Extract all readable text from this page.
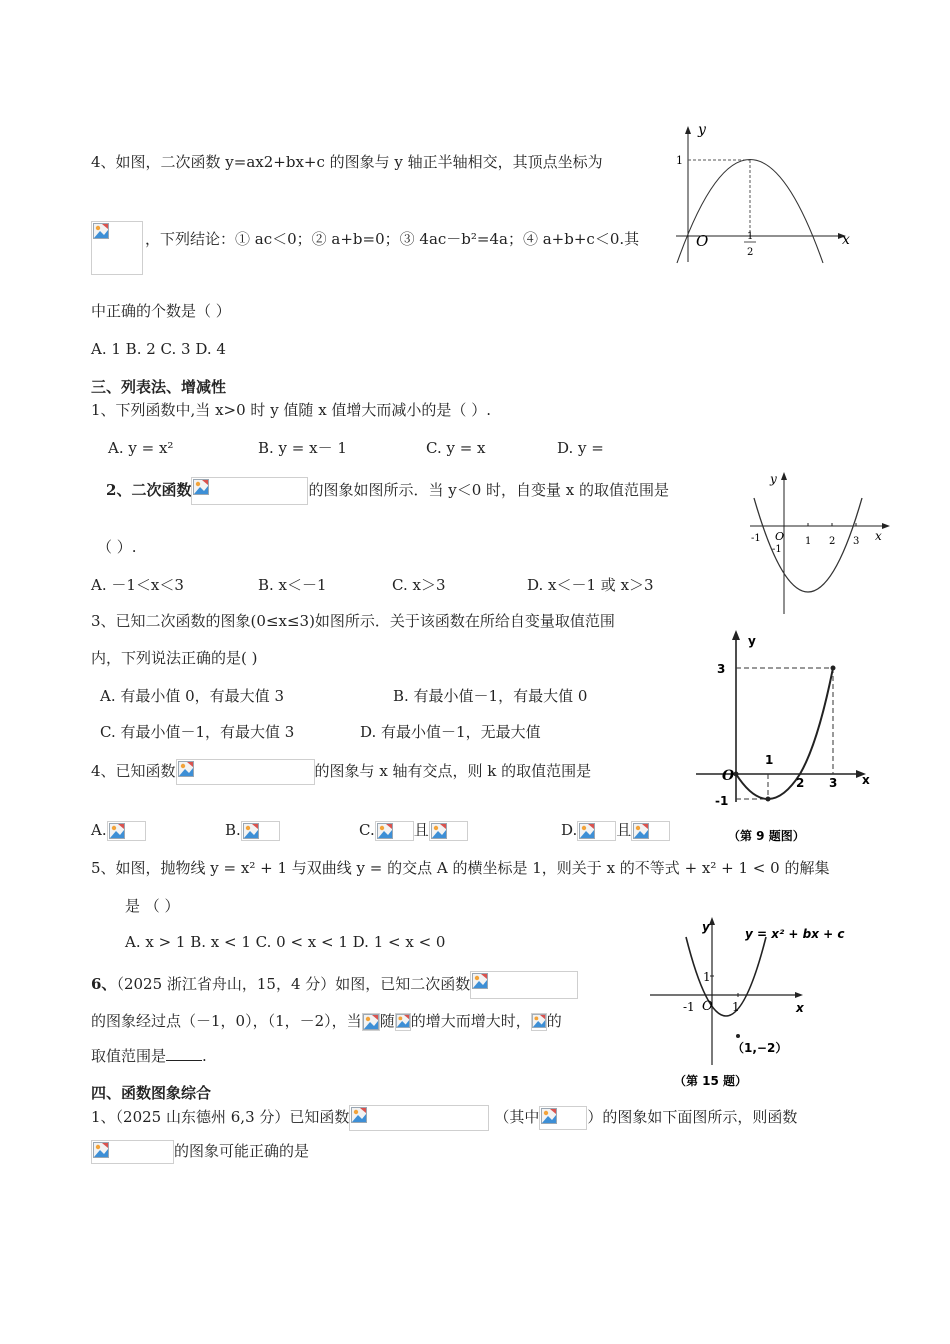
4、如图，二次函数 y=ax2+bx+c 的图象与 y 轴正半轴相交，其顶点坐标为
，下列结论：① ac＜0；② a+b=0；③ 4ac－b²=4a；④ a+b+c＜0.其
中正确的个数是（ ）
A. 1 B. 2 C. 3 D. 4
y
x
O
1
1
2
三、列表法、增减性
1、下列函数中,当 x>0 时 y 值随 x 值增大而减小的是（ ）.
A. y = x²	B. y = x－ 1	C. y = x	D. y =
2、二次函数	的图象如图所示．当 y＜0 时，自变量 x 的取值范围是
（ ）.
A. －1＜x＜3	B. x＜－1	C. x＞3	D. x＜－1 或 x＞3
y
x
O
-1
-1
1 2 3
3、已知二次函数的图象(0≤x≤3)如图所示．关于该函数在所给自变量取值范围
内，下列说法正确的是( )
A. 有最小值 0，有最大值 3	B. 有最小值－1，有最大值 0
C. 有最小值－1，有最大值 3	D. 有最小值－1，无最大值
y
x
O
3
-1
1
2 3
（第 9 题图）
4、已知函数	的图象与 x 轴有交点，则 k 的取值范围是
A.	B.	C.	且	D.	且
5、如图，抛物线 y = x² + 1 与双曲线 y = 的交点 A 的横坐标是 1，则关于 x 的不等式 + x² + 1 < 0 的解集
是 （ ）
A. x > 1 B. x < 1 C. 0 < x < 1 D. 1 < x < 0	y = x² + bx + c
y
x
O
-1	1
1
（1,−2）
（第 15 题）
6、（2025 浙江省舟山，15，4 分）如图，已知二次函数
的图象经过点（－1，0），（1，－2），当 随 的增大而增大时， 的
取值范围是 .
四、函数图象综合
1、（2025 山东德州 6,3 分）已知函数	（其中	）的图象如下面图所示，则函数
的图象可能正确的是
